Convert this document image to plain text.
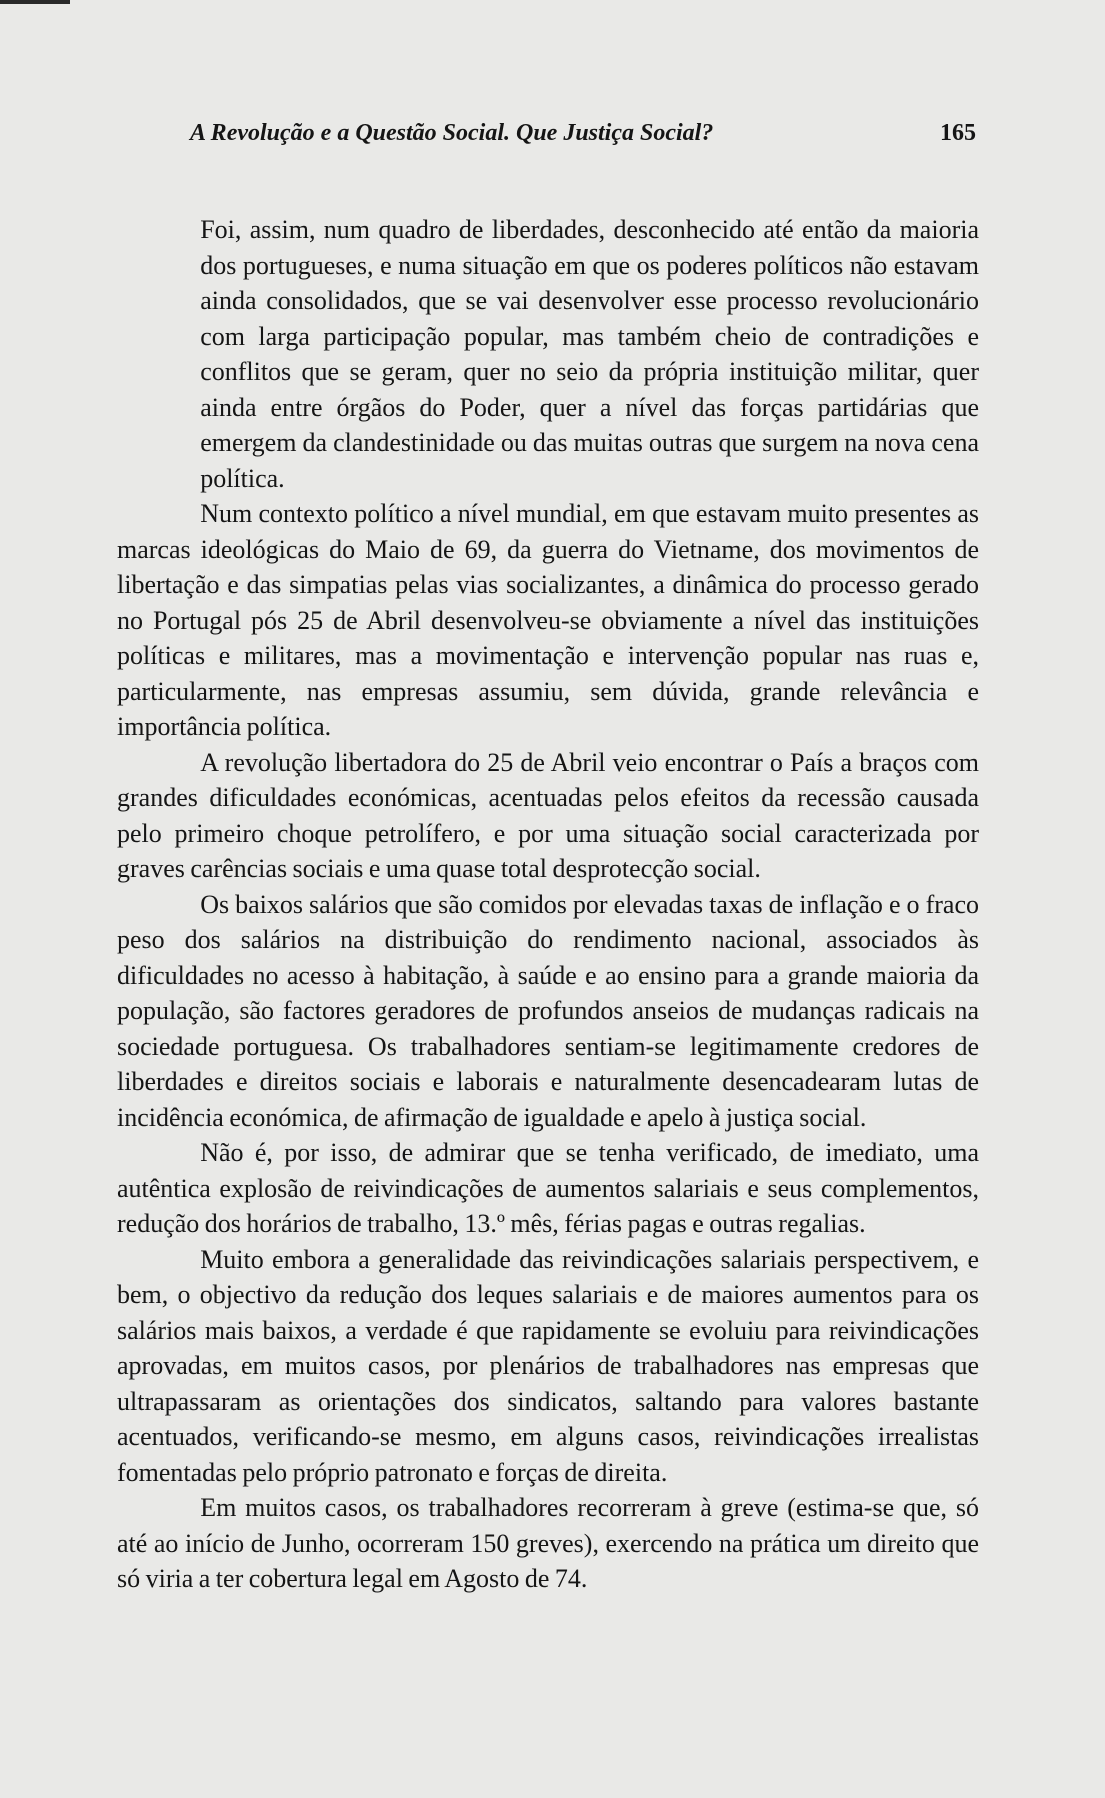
A Revolução e a Questão Social. Que Justiça Social?	165

Foi, assim, num quadro de liberdades, desconhecido até então da maioria dos portugueses, e numa situação em que os poderes políticos não estavam ainda consolidados, que se vai desenvolver esse processo revolucionário com larga participação popular, mas também cheio de contradições e conflitos que se geram, quer no seio da própria instituição militar, quer ainda entre órgãos do Poder, quer a nível das forças partidárias que emergem da clandestinidade ou das muitas outras que surgem na nova cena política.

Num contexto político a nível mundial, em que estavam muito presentes as marcas ideológicas do Maio de 69, da guerra do Vietname, dos movimentos de libertação e das simpatias pelas vias socializantes, a dinâmica do processo gerado no Portugal pós 25 de Abril desenvolveu-se obviamente a nível das instituições políticas e militares, mas a movimentação e intervenção popular nas ruas e, particularmente, nas empresas assumiu, sem dúvida, grande relevância e importância política.

A revolução libertadora do 25 de Abril veio encontrar o País a braços com grandes dificuldades económicas, acentuadas pelos efeitos da recessão causada pelo primeiro choque petrolífero, e por uma situação social caracterizada por graves carências sociais e uma quase total desprotecção social.

Os baixos salários que são comidos por elevadas taxas de inflação e o fraco peso dos salários na distribuição do rendimento nacional, associados às dificuldades no acesso à habitação, à saúde e ao ensino para a grande maioria da população, são factores geradores de profundos anseios de mudanças radicais na sociedade portuguesa. Os trabalhadores sentiam-se legitimamente credores de liberdades e direitos sociais e laborais e naturalmente desencadearam lutas de incidência económica, de afirmação de igualdade e apelo à justiça social.

Não é, por isso, de admirar que se tenha verificado, de imediato, uma autêntica explosão de reivindicações de aumentos salariais e seus complementos, redução dos horários de trabalho, 13.º mês, férias pagas e outras regalias.

Muito embora a generalidade das reivindicações salariais perspectivem, e bem, o objectivo da redução dos leques salariais e de maiores aumentos para os salários mais baixos, a verdade é que rapidamente se evoluiu para reivindicações aprovadas, em muitos casos, por plenários de trabalhadores nas empresas que ultrapassaram as orientações dos sindicatos, saltando para valores bastante acentuados, verificando-se mesmo, em alguns casos, reivindicações irrealistas fomentadas pelo próprio patronato e forças de direita.

Em muitos casos, os trabalhadores recorreram à greve (estima-se que, só até ao início de Junho, ocorreram 150 greves), exercendo na prática um direito que só viria a ter cobertura legal em Agosto de 74.
